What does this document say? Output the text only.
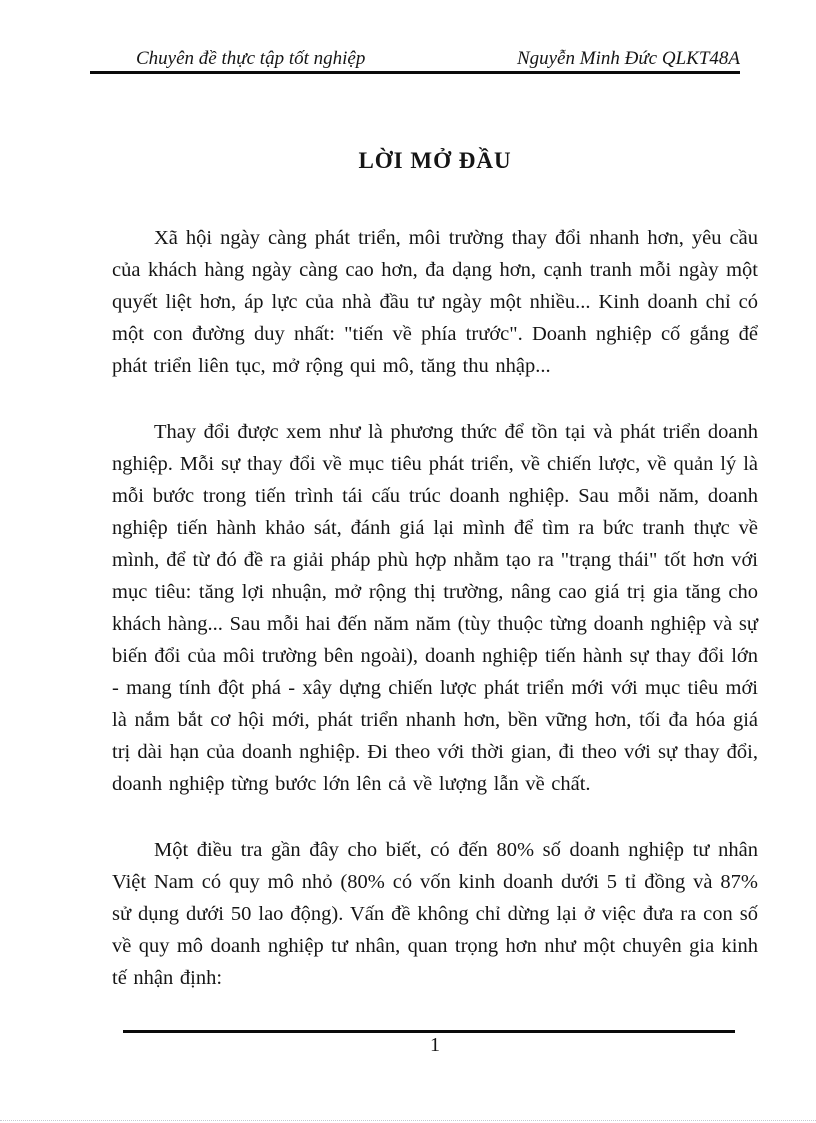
Chuyên đề thực tập tốt nghiệp	Nguyễn Minh Đức QLKT48A
LỜI MỞ ĐẦU

Xã hội ngày càng phát triển, môi trường thay đổi nhanh hơn, yêu cầu của khách hàng ngày càng cao hơn, đa dạng hơn, cạnh tranh mỗi ngày một quyết liệt hơn, áp lực của nhà đầu tư ngày một nhiều... Kinh doanh chỉ có một con đường duy nhất: "tiến về phía trước". Doanh nghiệp cố gắng để phát triển liên tục, mở rộng qui mô, tăng thu nhập...

Thay đổi được xem như là phương thức để tồn tại và phát triển doanh nghiệp. Mỗi sự thay đổi về mục tiêu phát triển, về chiến lược, về quản lý là mỗi bước trong tiến trình tái cấu trúc doanh nghiệp. Sau mỗi năm, doanh nghiệp tiến hành khảo sát, đánh giá lại mình để tìm ra bức tranh thực về mình, để từ đó đề ra giải pháp phù hợp nhằm tạo ra "trạng thái" tốt hơn với mục tiêu: tăng lợi nhuận, mở rộng thị trường, nâng cao giá trị gia tăng cho khách hàng... Sau mỗi hai đến năm năm (tùy thuộc từng doanh nghiệp và sự biến đổi của môi trường bên ngoài), doanh nghiệp tiến hành sự thay đổi lớn - mang tính đột phá - xây dựng chiến lược phát triển mới với mục tiêu mới là nắm bắt cơ hội mới, phát triển nhanh hơn, bền vững hơn, tối đa hóa giá trị dài hạn của doanh nghiệp. Đi theo với thời gian, đi theo với sự thay đổi, doanh nghiệp từng bước lớn lên cả về lượng lẫn về chất.

Một điều tra gần đây cho biết, có đến 80% số doanh nghiệp tư nhân Việt Nam có quy mô nhỏ (80% có vốn kinh doanh dưới 5 tỉ đồng và 87% sử dụng dưới 50 lao động). Vấn đề không chỉ dừng lại ở việc đưa ra con số về quy mô doanh nghiệp tư nhân, quan trọng hơn như một chuyên gia kinh tế nhận định:

1
